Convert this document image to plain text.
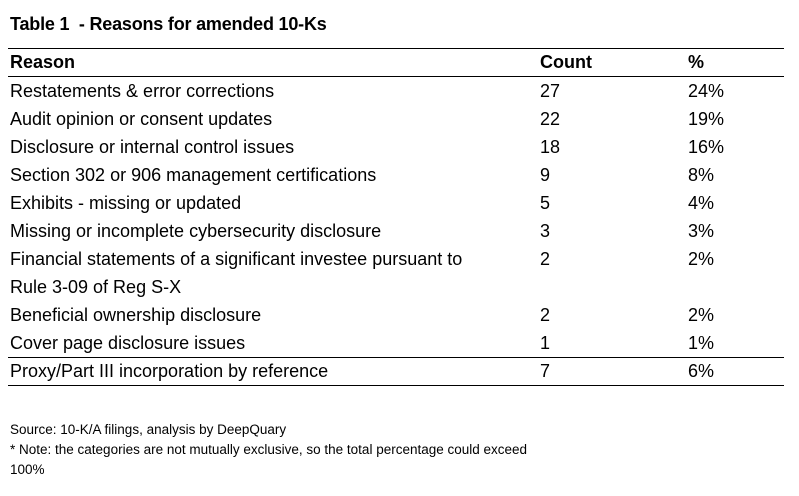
Table 1  - Reasons for amended 10-Ks
Reason	Count	%
Restatements & error corrections	27	24%
Audit opinion or consent updates	22	19%
Disclosure or internal control issues	18	16%
Section 302 or 906 management certifications	9	8%
Exhibits - missing or updated	5	4%
Missing or incomplete cybersecurity disclosure	3	3%
Financial statements of a significant investee pursuant to Rule 3-09 of Reg S-X	2	2%
Beneficial ownership disclosure	2	2%
Cover page disclosure issues	1	1%
Proxy/Part III incorporation by reference	7	6%
Source: 10-K/A filings, analysis by DeepQuary
* Note: the categories are not mutually exclusive, so the total percentage could exceed 100%
